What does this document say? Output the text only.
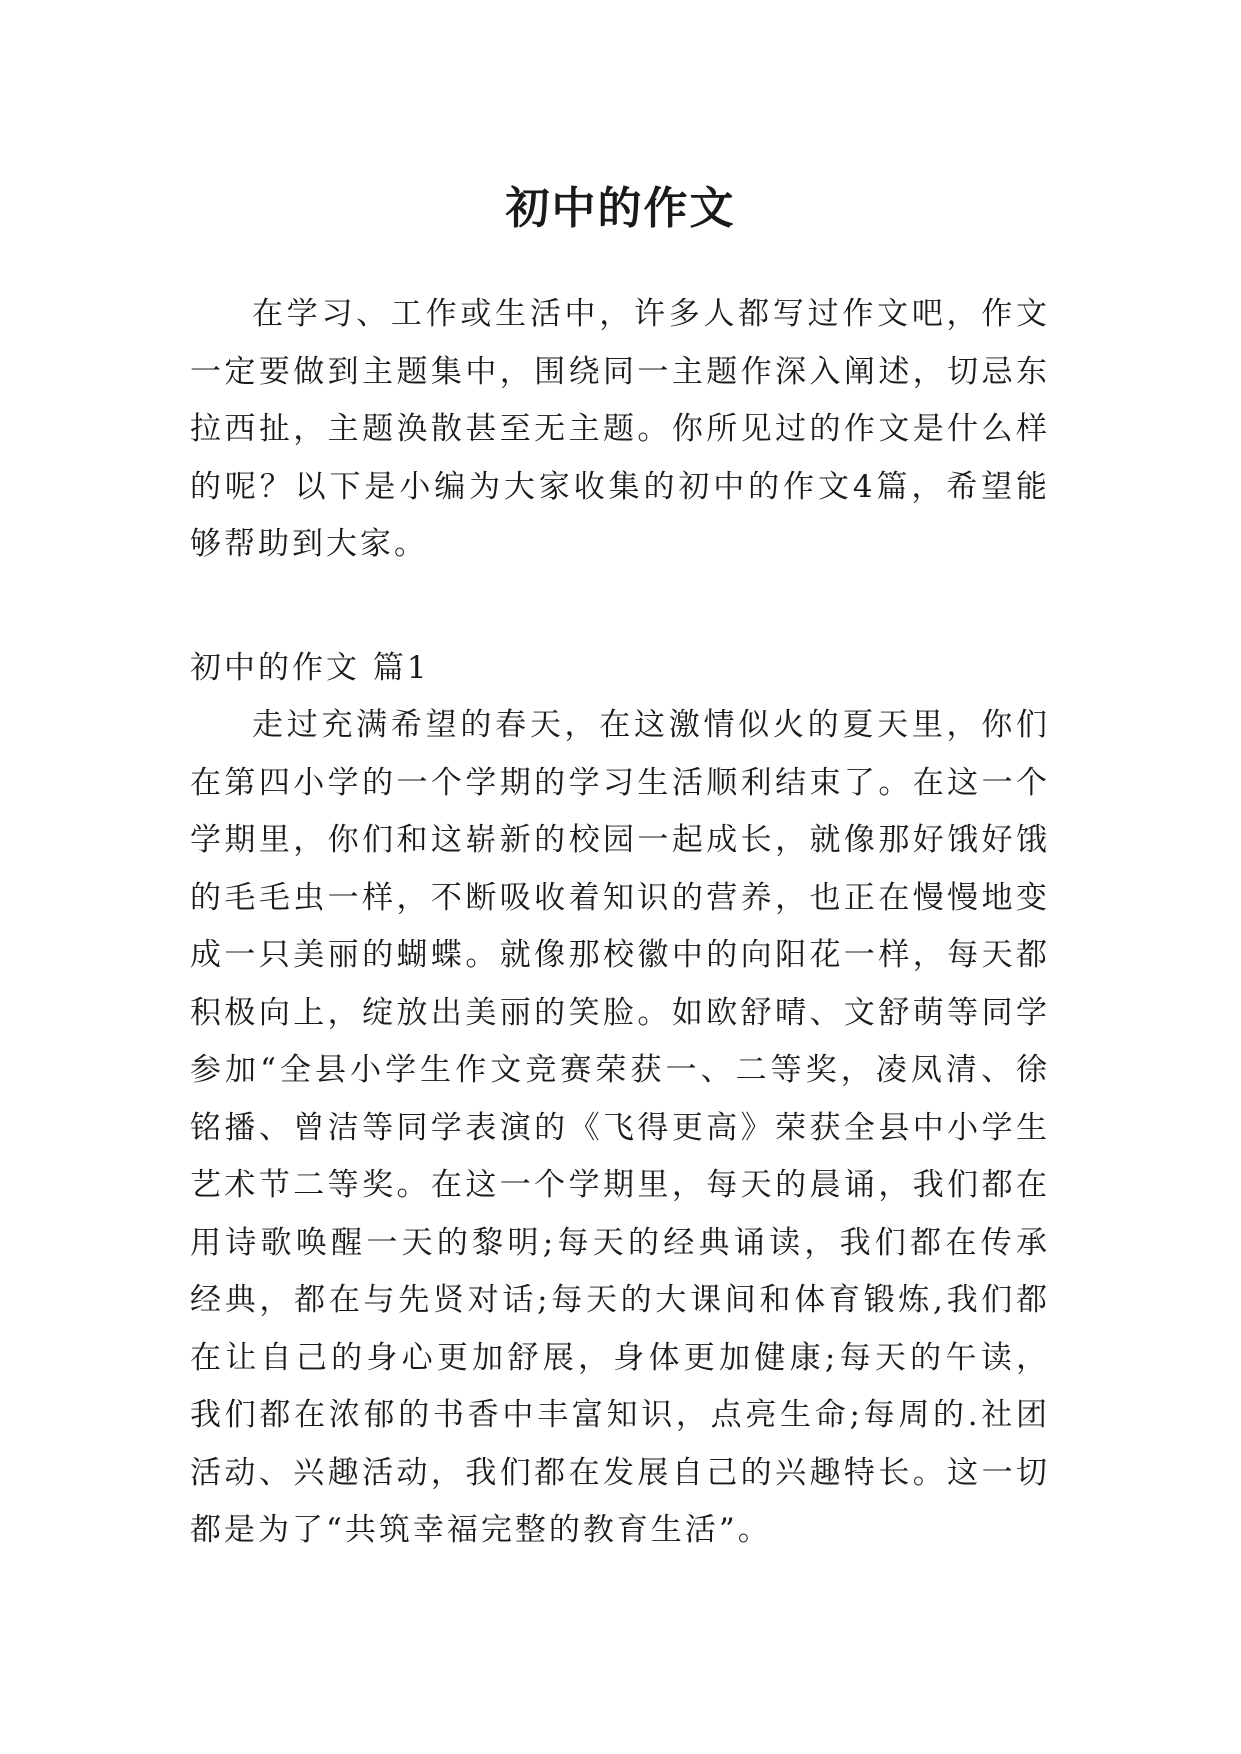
初中的作文

在学习、工作或生活中，许多人都写过作文吧，作文一定要做到主题集中，围绕同一主题作深入阐述，切忌东拉西扯，主题涣散甚至无主题。你所见过的作文是什么样的呢？以下是小编为大家收集的初中的作文4篇，希望能够帮助到大家。

初中的作文 篇1

走过充满希望的春天，在这激情似火的夏天里，你们在第四小学的一个学期的学习生活顺利结束了。在这一个学期里，你们和这崭新的校园一起成长，就像那好饿好饿的毛毛虫一样，不断吸收着知识的营养，也正在慢慢地变成一只美丽的蝴蝶。就像那校徽中的向阳花一样，每天都积极向上，绽放出美丽的笑脸。如欧舒晴、文舒萌等同学参加“全县小学生作文竞赛荣获一、二等奖，凌凤清、徐铭播、曾洁等同学表演的《飞得更高》荣获全县中小学生艺术节二等奖。在这一个学期里，每天的晨诵，我们都在用诗歌唤醒一天的黎明;每天的经典诵读，我们都在传承经典，都在与先贤对话;每天的大课间和体育锻炼,我们都在让自己的身心更加舒展，身体更加健康;每天的午读，我们都在浓郁的书香中丰富知识，点亮生命;每周的.社团活动、兴趣活动，我们都在发展自己的兴趣特长。这一切都是为了“共筑幸福完整的教育生活”。
